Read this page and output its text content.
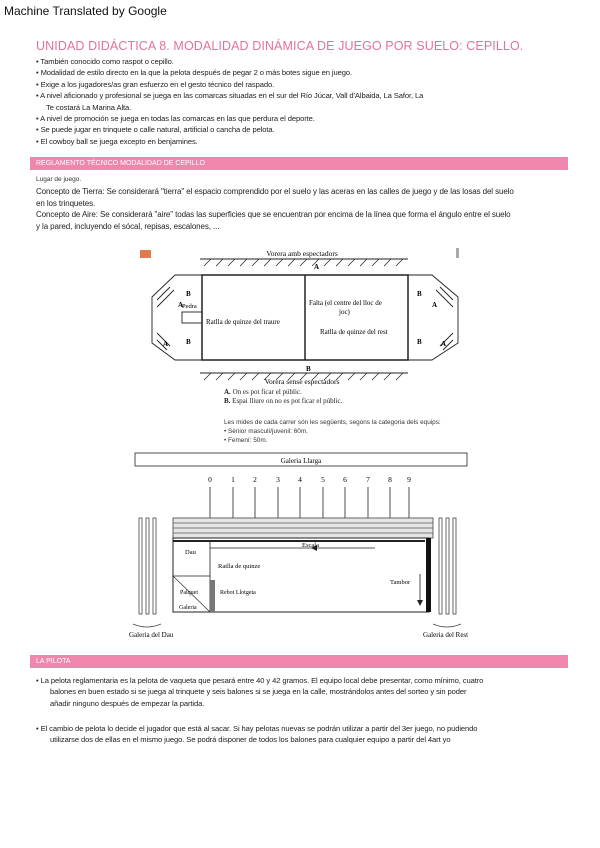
Machine Translated by Google
UNIDAD DIDÁCTICA 8. MODALIDAD DINÁMICA DE JUEGO POR SUELO: CEPILLO.
• También conocido como raspot o cepillo.
• Modalidad de estilo directo en la que la pelota después de pegar 2 o más botes sigue en juego.
• Exige a los jugadores/as gran esfuerzo en el gesto técnico del raspado.
• A nivel aficionado y profesional se juega en las comarcas situadas en el sur del Río Júcar, Vall d'Albaida, La Safor, La
Te costará La Marina Alta.
• A nivel de promoción se juega en todas las comarcas en las que perdura el deporte.
• Se puede jugar en trinquete o calle natural, artificial o cancha de pelota.
• El cowboy ball se juega excepto en benjamines.
REGLAMENTO TÉCNICO MODALIDAD DE CEPILLO
Lugar de juego.
Concepto de Tierra: Se considerará "tierra" el espacio comprendido por el suelo y las aceras en las calles de juego y de las losas del suelo
en los trinquetes.
Concepto de Aire: Se considerará "aire" todas las superficies que se encuentran por encima de la línea que forma el ángulo entre el suelo
y la pared, incluyendo el sócal, repisas, escalones, ...
Vorera amb espectadors
A
B
Vorera sense espectadors
Ratlla de quinze del traure
Falta (el centre del lloc de
joc)
Ratlla de quinze del rest
A
A
B
B
Pedra	A
A
B
B
A. On es pot ficar el públic.
B. Espai lliure on no es pot ficar el públic.
Les mides de cada carrer són les següents, segons la categoria dels equips:
• Sènior masculí/juvenil: 60m.
• Femení: 50m.
Galeria Llarga
0	1 2	3 4	5 6	7 8 9
Escala
Dau
Ratlla de quinze
Tambor
Palquet	Rebot Llotgeta
Galeria
Galeria del Dau	Galeria del Rest
LA PILOTA
• La pelota reglamentaria es la pelota de vaqueta que pesará entre 40 y 42 gramos. El equipo local debe presentar, como mínimo, cuatro
balones en buen estado si se juega al trinquete y seis balones si se juega en la calle, mostrándolos antes del sorteo y sin poder
añadir ninguno después de empezar la partida.
• El cambio de pelota lo decide el jugador que está al sacar. Si hay pelotas nuevas se podrán utilizar a partir del 3er juego, no pudiendo
utilizarse dos de ellas en el mismo juego. Se podrá disponer de todos los balones para cualquier equipo a partir del 4art yo
